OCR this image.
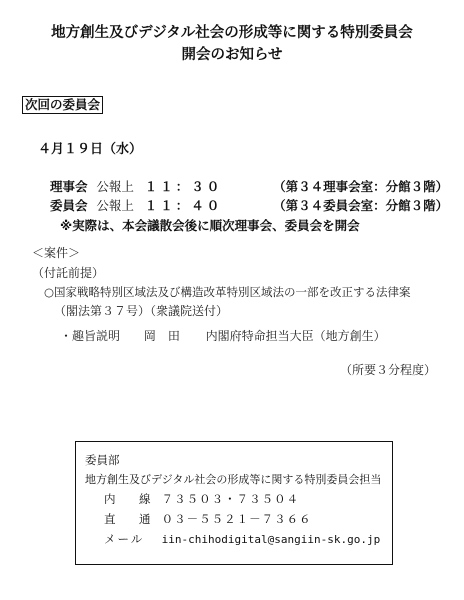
地方創生及びデジタル社会の形成等に関する特別委員会
開会のお知らせ
次回の委員会
４月１９日（水）
理事会 公報上 １１：３０	（第３４理事会室：分館３階）
委員会 公報上 １１：４０	（第３４委員会室：分館３階）
※実際は、本会議散会後に順次理事会、委員会を開会
＜案件＞
（付託前提）
○国家戦略特別区域法及び構造改革特別区域法の一部を改正する法律案
（閣法第３７号）（衆議院送付）
・趣旨説明 岡　田 内閣府特命担当大臣（地方創生）
（所要３分程度）
委員部
地方創生及びデジタル社会の形成等に関する特別委員会担当
内　線 ７３５０３・７３５０４
直　通 ０３－５５２１－７３６６
メール iin-chihodigital@sangiin-sk.go.jp
